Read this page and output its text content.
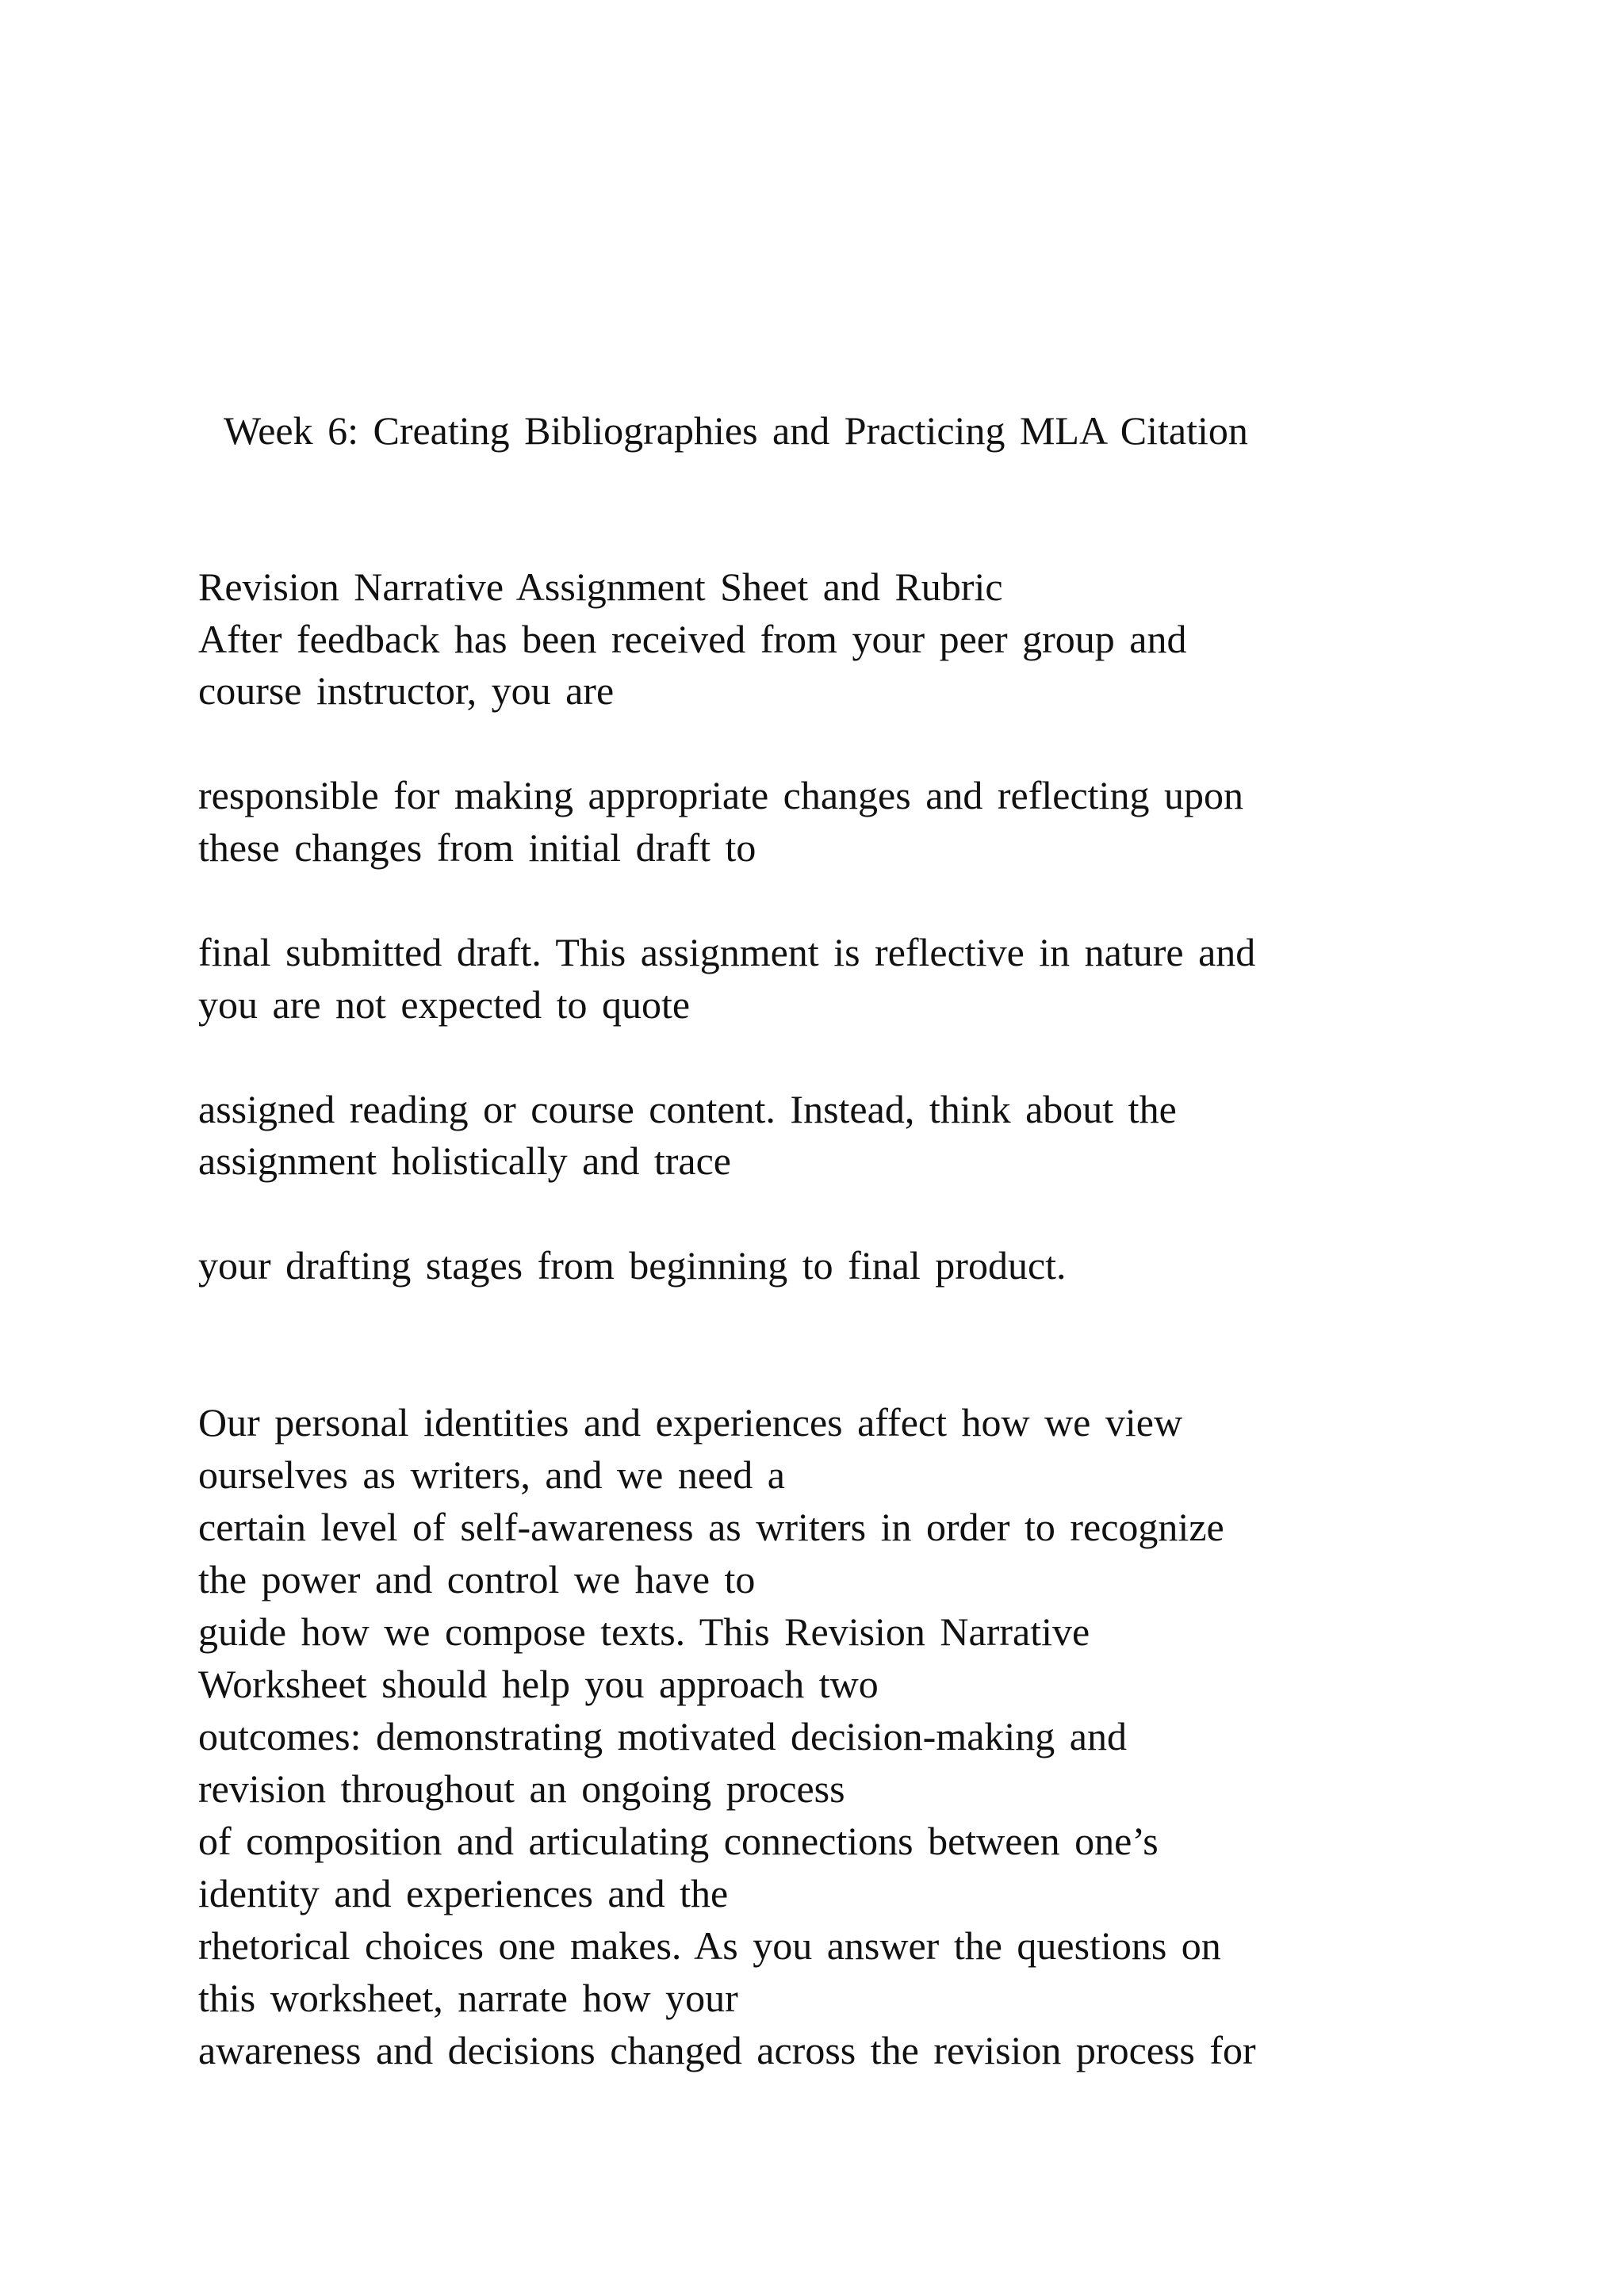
Week 6: Creating Bibliographies and Practicing MLA Citation
Revision Narrative Assignment Sheet and Rubric
After feedback has been received from your peer group and
course instructor, you are
responsible for making appropriate changes and reflecting upon
these changes from initial draft to
final submitted draft. This assignment is reflective in nature and
you are not expected to quote
assigned reading or course content. Instead, think about the
assignment holistically and trace
your drafting stages from beginning to final product.
Our personal identities and experiences affect how we view
ourselves as writers, and we need a
certain level of self-awareness as writers in order to recognize
the power and control we have to
guide how we compose texts. This Revision Narrative
Worksheet should help you approach two
outcomes: demonstrating motivated decision-making and
revision throughout an ongoing process
of composition and articulating connections between one’s
identity and experiences and the
rhetorical choices one makes. As you answer the questions on
this worksheet, narrate how your
awareness and decisions changed across the revision process for
